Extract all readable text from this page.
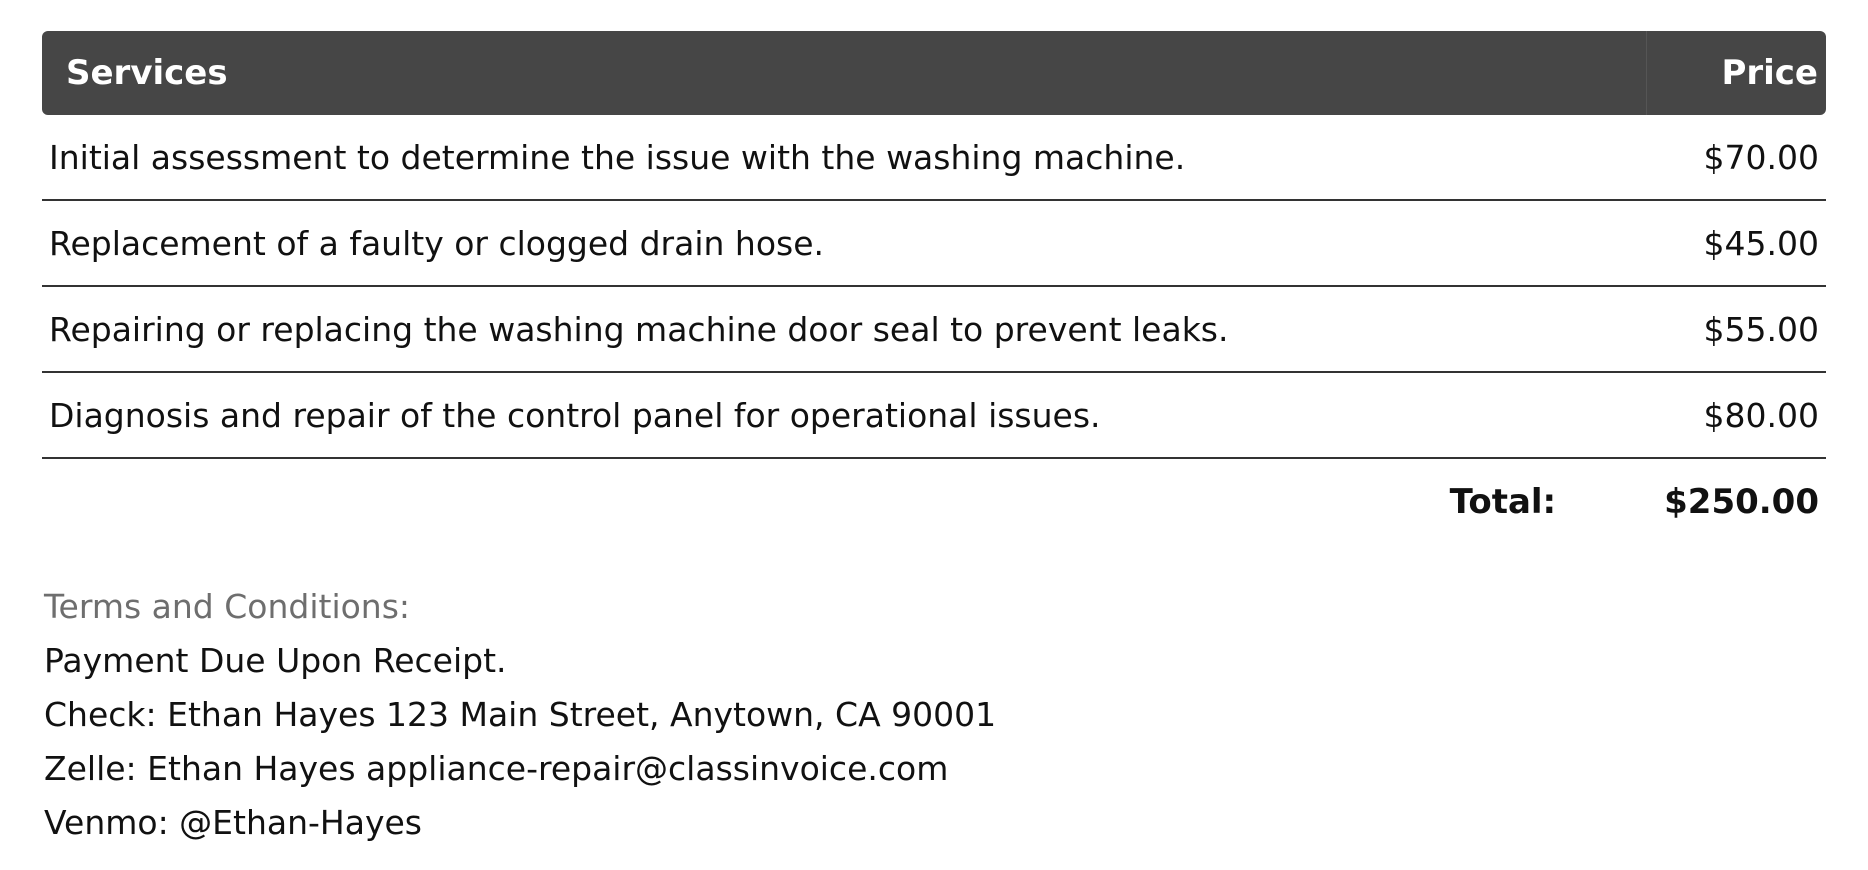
Services	Price
Initial assessment to determine the issue with the washing machine.	$70.00
Replacement of a faulty or clogged drain hose.	$45.00
Repairing or replacing the washing machine door seal to prevent leaks.	$55.00
Diagnosis and repair of the control panel for operational issues.	$80.00
Total:	$250.00
Terms and Conditions:
Payment Due Upon Receipt.
Check: Ethan Hayes 123 Main Street, Anytown, CA 90001
Zelle: Ethan Hayes appliance-repair@classinvoice.com
Venmo: @Ethan-Hayes
